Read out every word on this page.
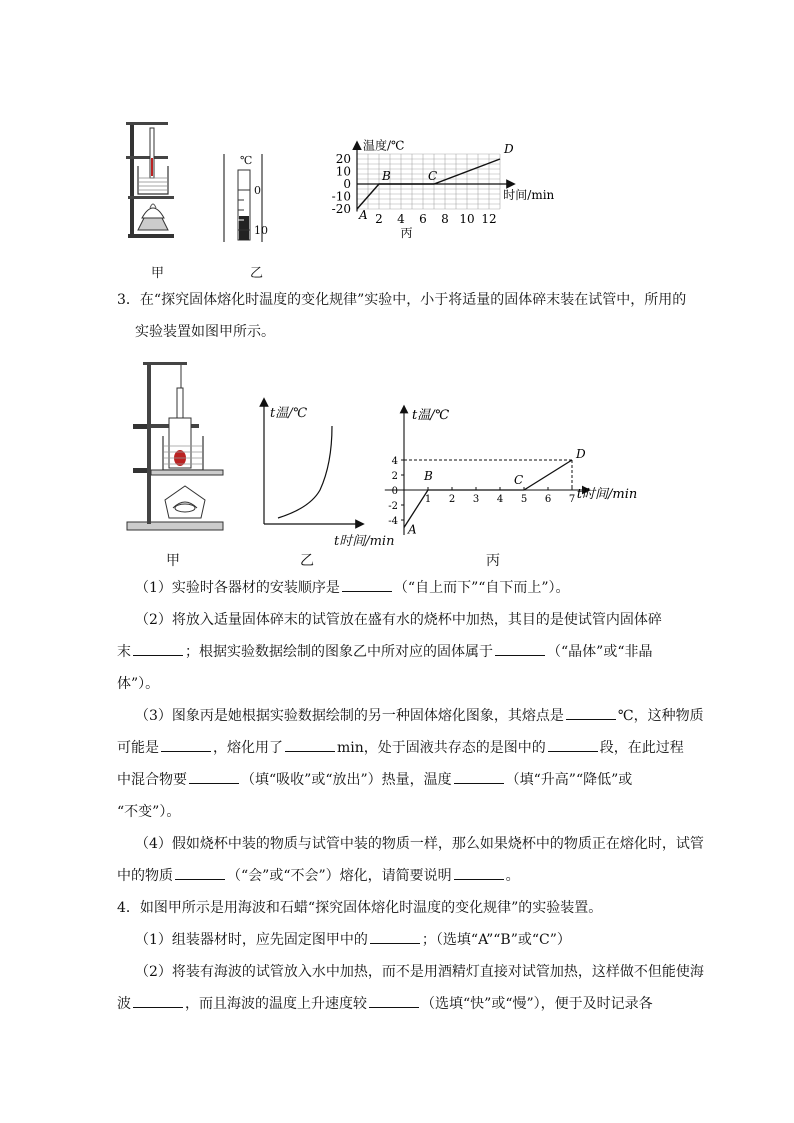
甲
℃
0
10
乙
温度/℃
时间/min
20
10
0
-10
-20
2 4 6 8 10 12
A
B	C
D
丙
3．在“探究固体熔化时温度的变化规律”实验中，小于将适量的固体碎末装在试管中，所用的
实验装置如图甲所示。
甲
t温/℃
t时间/min
乙
t温/℃
t时间/min
4
2
0
-2
-4
1 2 3 4 5 6 7
A
B	C
D
丙
（1）实验时各器材的安装顺序是	（“自上而下”“自下而上”）。
（2）将放入适量固体碎末的试管放在盛有水的烧杯中加热，其目的是使试管内固体碎
末	；根据实验数据绘制的图象乙中所对应的固体属于	（“晶体”或“非晶
体”）。
（3）图象丙是她根据实验数据绘制的另一种固体熔化图象，其熔点是	℃，这种物质
可能是	，熔化用了	min，处于固液共存态的是图中的	段，在此过程
中混合物要	（填“吸收”或“放出”）热量，温度	（填“升高”“降低”或
“不变”）。
（4）假如烧杯中装的物质与试管中装的物质一样，那么如果烧杯中的物质正在熔化时，试管
中的物质	（“会”或“不会”）熔化，请简要说明	。
4．如图甲所示是用海波和石蜡“探究固体熔化时温度的变化规律”的实验装置。
（1）组装器材时，应先固定图甲中的	；（选填“A”“B”或“C”）
（2）将装有海波的试管放入水中加热，而不是用酒精灯直接对试管加热，这样做不但能使海
波	，而且海波的温度上升速度较	（选填“快”或“慢”），便于及时记录各
